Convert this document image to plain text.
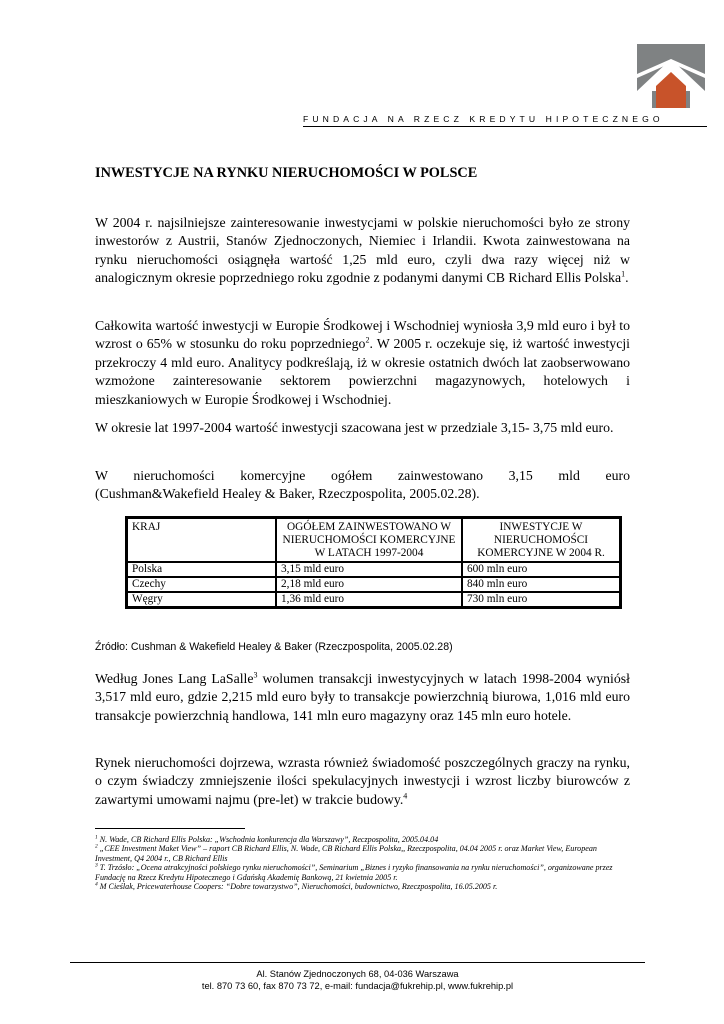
FUNDACJA NA RZECZ KREDYTU HIPOTECZNEGO
INWESTYCJE NA RYNKU NIERUCHOMOŚCI W POLSCE

W 2004 r. najsilniejsze zainteresowanie inwestycjami w polskie nieruchomości było ze strony inwestorów z Austrii, Stanów Zjednoczonych, Niemiec i Irlandii. Kwota zainwestowana na rynku nieruchomości osiągnęła wartość 1,25 mld euro, czyli dwa razy więcej niż w analogicznym okresie poprzedniego roku zgodnie z podanymi danymi CB Richard Ellis Polska$^1$.

Całkowita wartość inwestycji w Europie Środkowej i Wschodniej wyniosła 3,9 mld euro i był to wzrost o 65% w stosunku do roku poprzedniego$^2$. W 2005 r. oczekuje się, iż wartość inwestycji przekroczy 4 mld euro. Analitycy podkreślają, iż w okresie ostatnich dwóch lat zaobserwowano wzmożone zainteresowanie sektorem powierzchni magazynowych, hotelowych i mieszkaniowych w Europie Środkowej i Wschodniej.

W okresie lat 1997-2004 wartość inwestycji szacowana jest w przedziale 3,15- 3,75 mld euro.

W nieruchomości komercyjne ogółem zainwestowano 3,15 mld euro

(Cushman&Wakefield Healey & Baker, Rzeczpospolita, 2005.02.28).

KRAJ	OGÓŁEM ZAINWESTOWANO W NIERUCHOMOŚCI KOMERCYJNE W LATACH 1997-2004	INWESTYCJE W NIERUCHOMOŚCI KOMERCYJNE W 2004 R.
Polska	3,15 mld euro	600 mln euro
Czechy	2,18 mld euro	840 mln euro
Węgry	1,36 mld euro	730 mln euro

Źródło: Cushman & Wakefield Healey & Baker (Rzeczpospolita, 2005.02.28)

Według Jones Lang LaSalle$^3$ wolumen transakcji inwestycyjnych w latach 1998-2004 wyniósł 3,517 mld euro, gdzie 2,215 mld euro były to transakcje powierzchnią biurowa, 1,016 mld euro transakcje powierzchnią handlowa, 141 mln euro magazyny oraz 145 mln euro hotele.

Rynek nieruchomości dojrzewa, wzrasta również świadomość poszczególnych graczy na rynku, o czym świadczy zmniejszenie ilości spekulacyjnych inwestycji i wzrost liczby biurowców z zawartymi umowami najmu (pre-let) w trakcie budowy.$^4$

$^1$ N. Wade, CB Richard Ellis Polska: „Wschodnia konkurencja dla Warszawy”, Reczpospolita, 2005.04.04
$^2$ „CEE Investment Maket View” – raport CB Richard Ellis, N. Wade, CB Richard Ellis Polska,, Rzeczpospolita, 04.04 2005 r. oraz Market View, European Investment, Q4 2004 r., CB Richard Ellis
$^3$ T. Trzósło: „Ocena atrakcyjności polskiego rynku nieruchomości”, Seminarium „Biznes i ryzyko finansowania na rynku nieruchomości”, organizowane przez Fundację na Rzecz Kredytu Hipotecznego i Gdańską Akademię Bankową, 21 kwietnia 2005 r.
$^4$ M Cieślak, Pricewaterhouse Coopers: “Dobre towarzystwo”, Nieruchomości, budownictwo, Rzeczpospolita, 16.05.2005 r.
Al. Stanów Zjednoczonych 68, 04-036 Warszawa
tel. 870 73 60, fax 870 73 72, e-mail: fundacja@fukrehip.pl, www.fukrehip.pl
